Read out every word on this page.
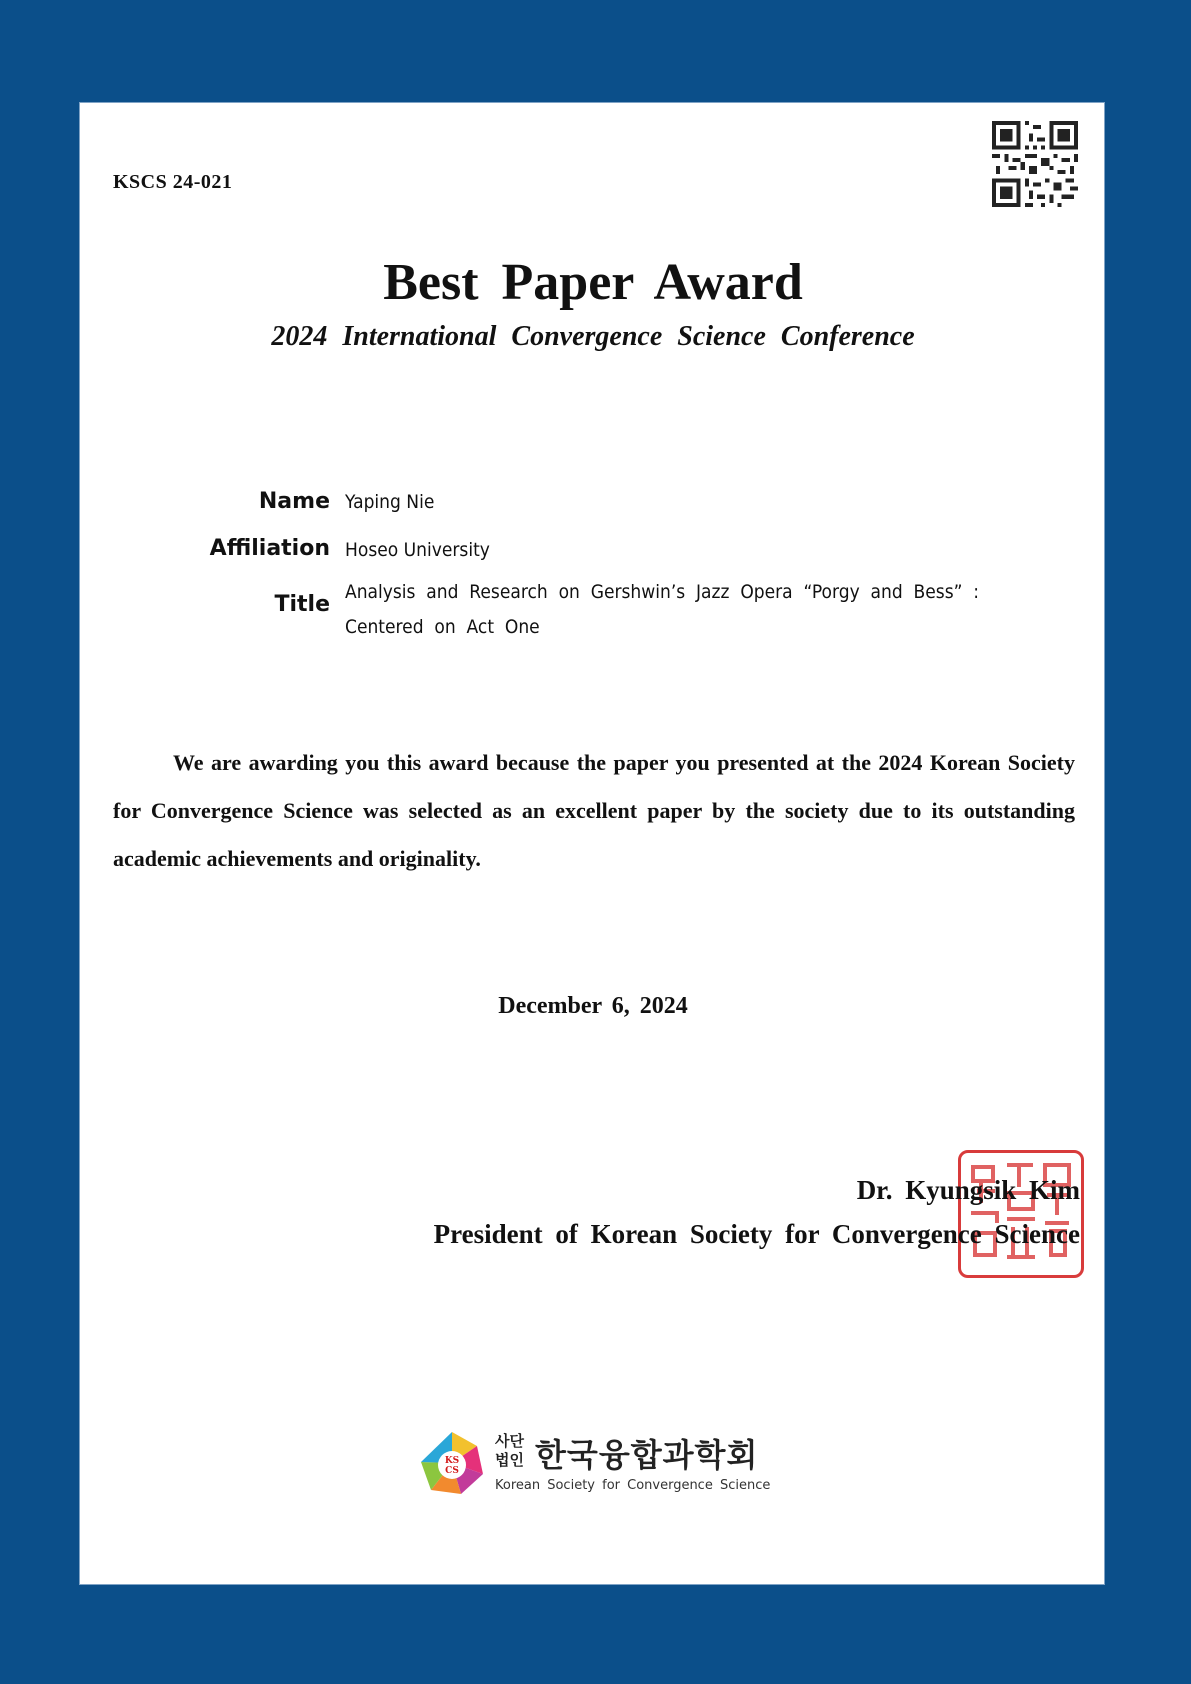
KSCS 24-021
Best Paper Award
2024 International Convergence Science Conference
Name Yaping Nie
Affiliation Hoseo University
Title Analysis and Research on Gershwin’s Jazz Opera “Porgy and Bess” : Centered on Act One
We are awarding you this award because the paper you presented at the 2024 Korean Society for Convergence Science was selected as an excellent paper by the society due to its outstanding academic achievements and originality.
December 6, 2024
Dr. Kyungsik Kim
President of Korean Society for Convergence Science
KS
CS
사단
법인 한국융합과학회
Korean Society for Convergence Science
